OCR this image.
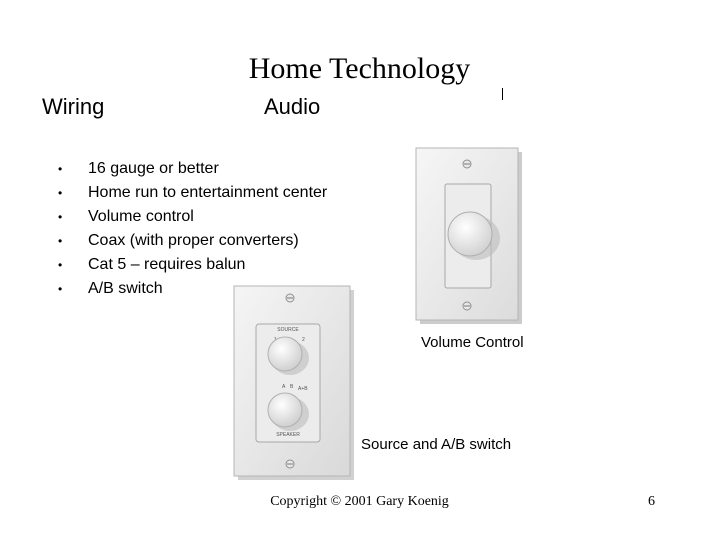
Home Technology
Wiring	Audio
•	16 gauge or better
•	Home run to entertainment center
•	Volume control
•	Coax (with proper converters)
•	Cat 5 – requires balun
•	A/B switch
SOURCE
2
A B A+B
SPEAKER
Volume Control
Source and A/B switch
Copyright © 2001 Gary Koenig	6
